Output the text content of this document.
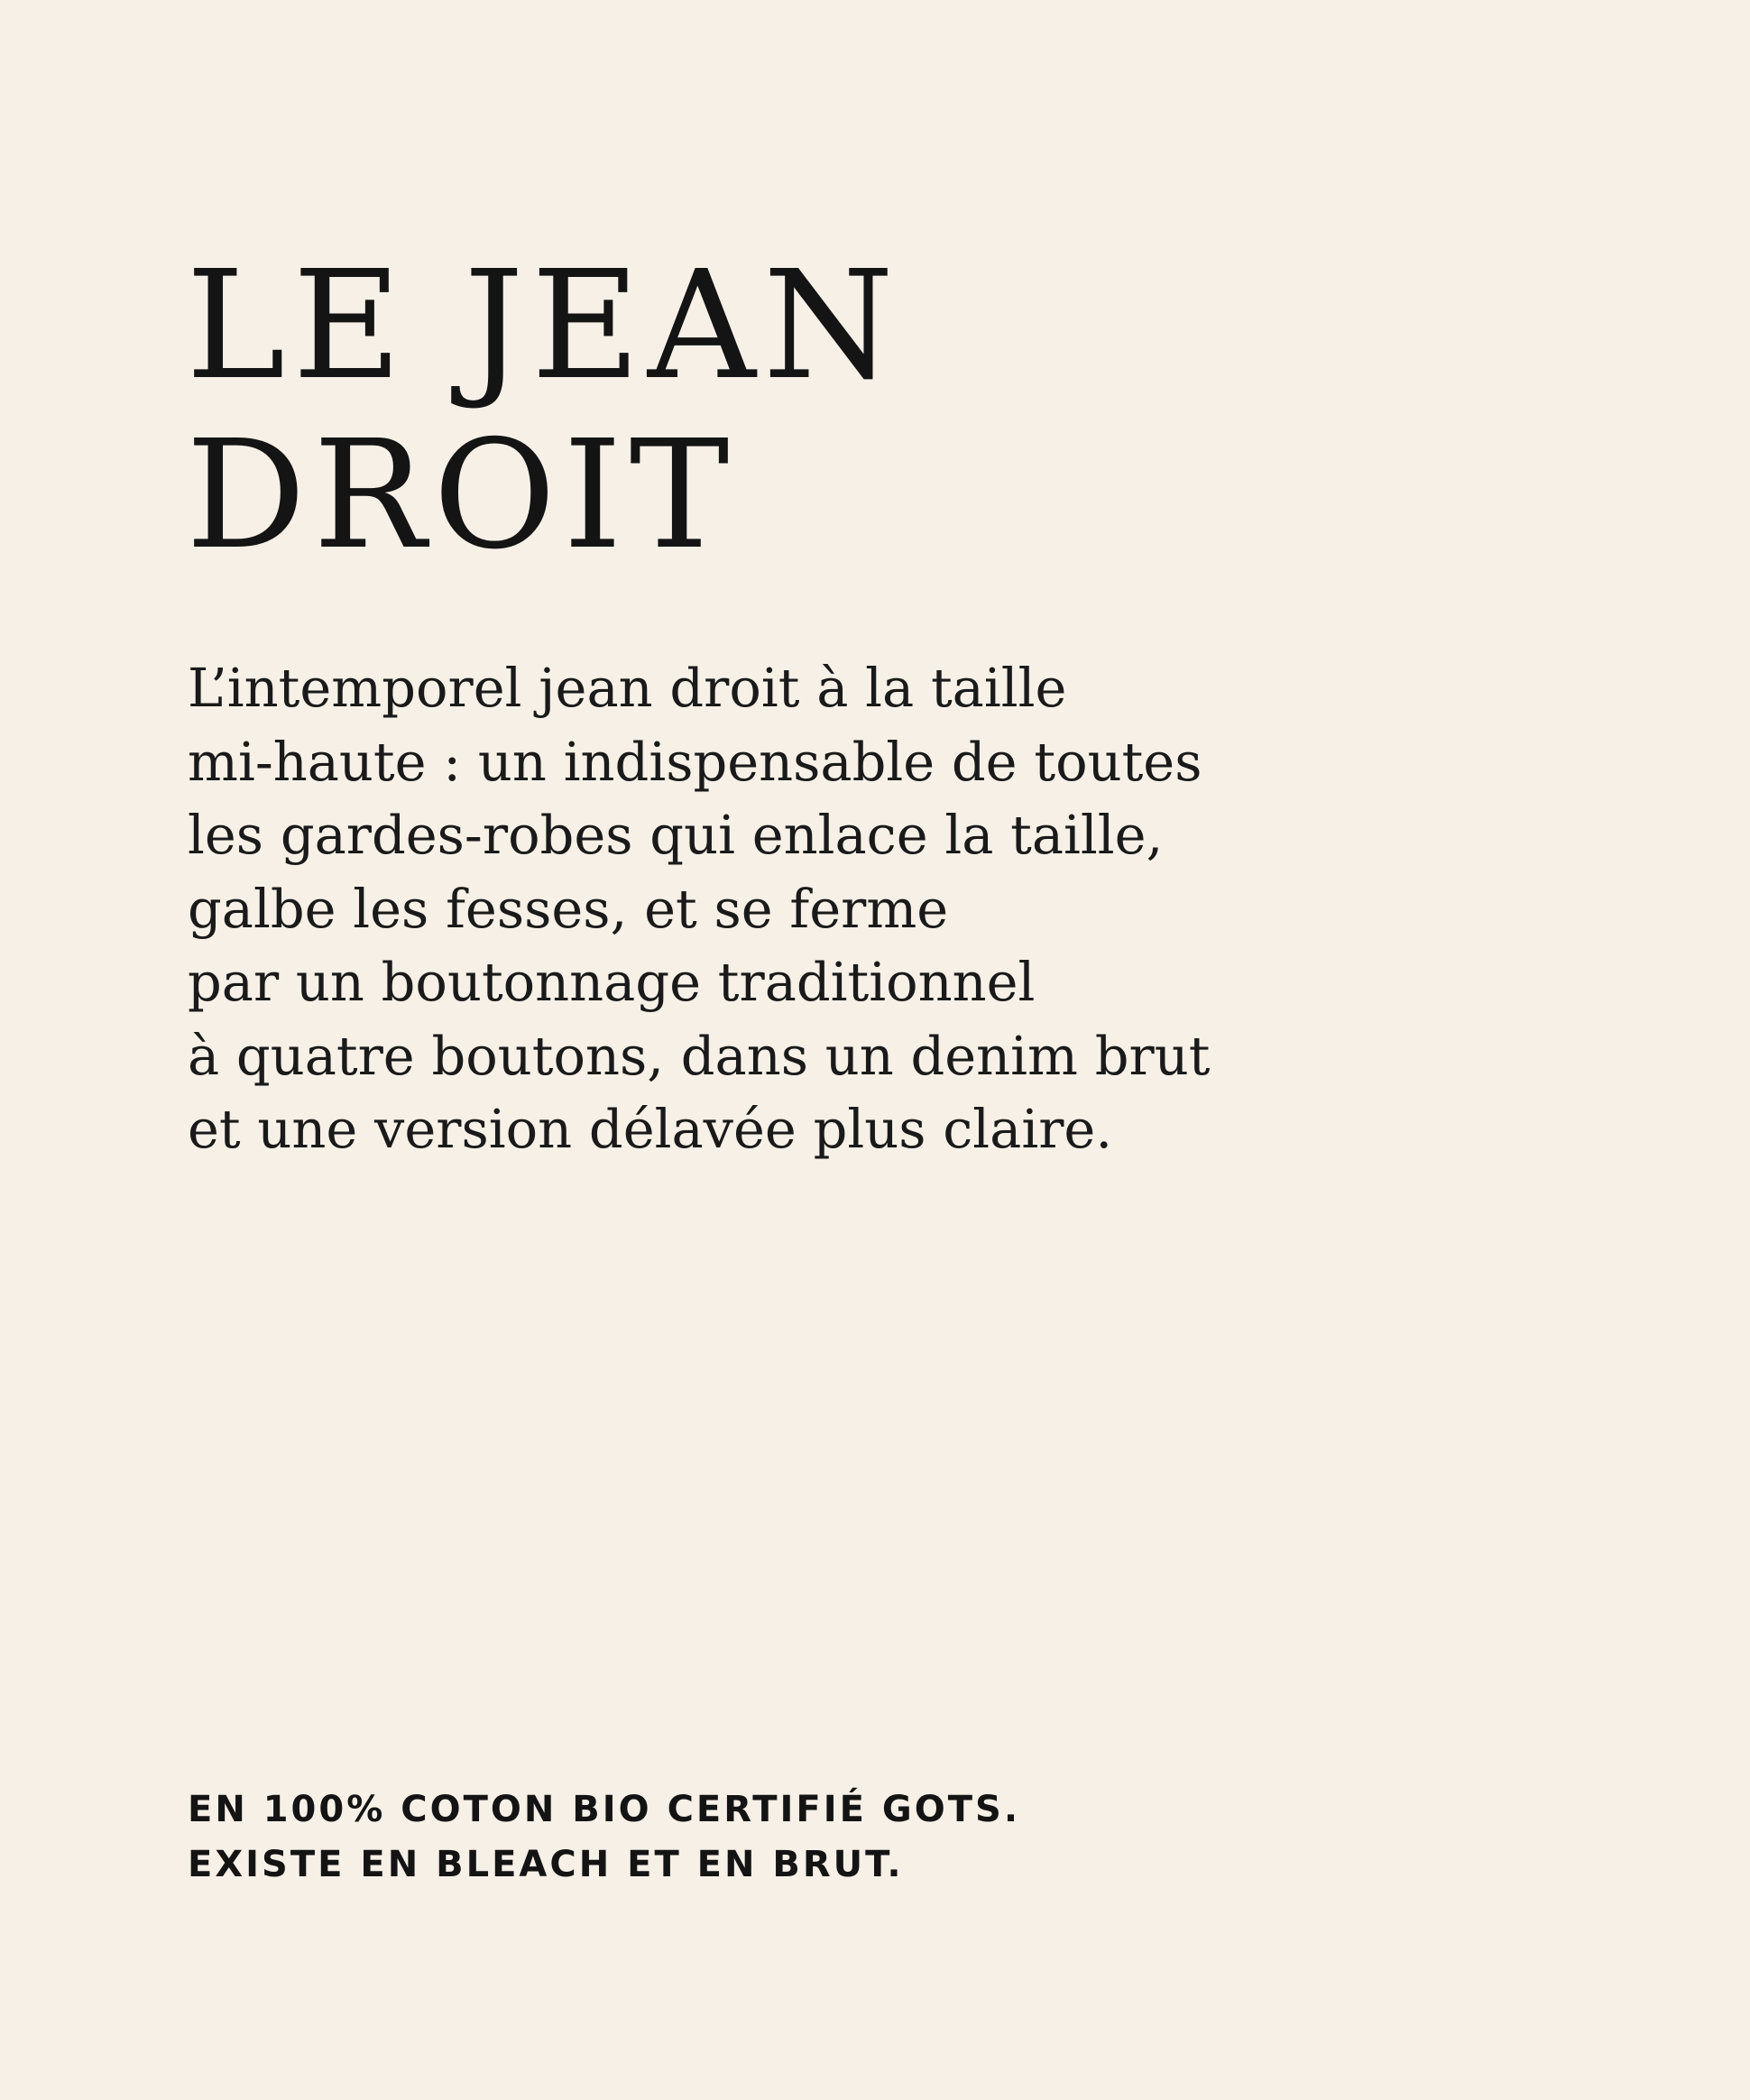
LE JEAN
DROIT

L’intemporel jean droit à la taille
mi-haute : un indispensable de toutes
les gardes-robes qui enlace la taille,
galbe les fesses, et se ferme
par un boutonnage traditionnel
à quatre boutons, dans un denim brut
et une version délavée plus claire.

EN 100% COTON BIO CERTIFIÉ GOTS.
EXISTE EN BLEACH ET EN BRUT.
